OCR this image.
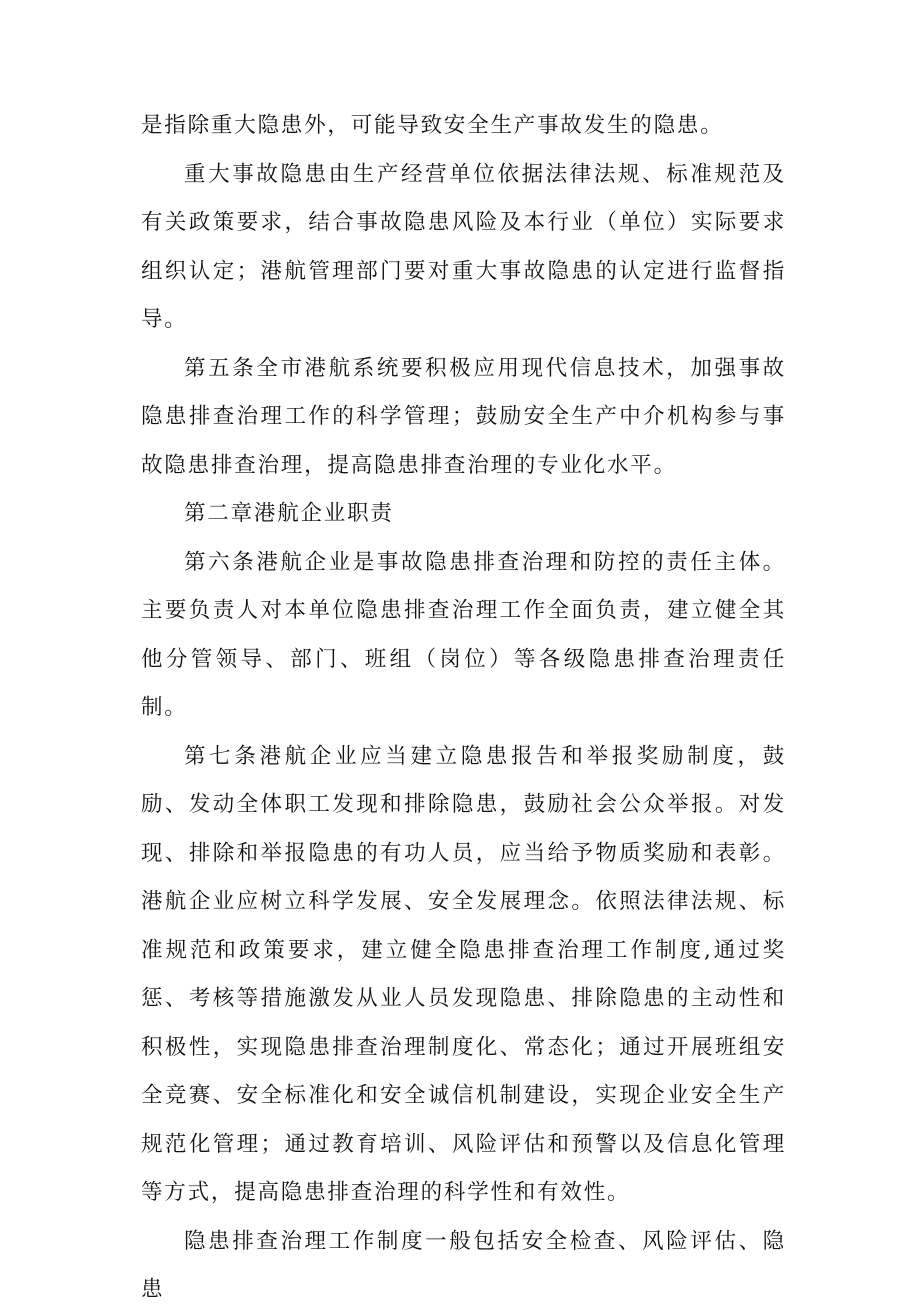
是指除重大隐患外，可能导致安全生产事故发生的隐患。

重大事故隐患由生产经营单位依据法律法规、标准规范及有关政策要求，结合事故隐患风险及本行业（单位）实际要求组织认定；港航管理部门要对重大事故隐患的认定进行监督指导。

第五条全市港航系统要积极应用现代信息技术，加强事故隐患排查治理工作的科学管理；鼓励安全生产中介机构参与事故隐患排查治理，提高隐患排查治理的专业化水平。

第二章港航企业职责

第六条港航企业是事故隐患排查治理和防控的责任主体。主要负责人对本单位隐患排查治理工作全面负责，建立健全其他分管领导、部门、班组（岗位）等各级隐患排查治理责任制。

第七条港航企业应当建立隐患报告和举报奖励制度，鼓励、发动全体职工发现和排除隐患，鼓励社会公众举报。对发现、排除和举报隐患的有功人员，应当给予物质奖励和表彰。港航企业应树立科学发展、安全发展理念。依照法律法规、标准规范和政策要求，建立健全隐患排查治理工作制度,通过奖惩、考核等措施激发从业人员发现隐患、排除隐患的主动性和积极性，实现隐患排查治理制度化、常态化；通过开展班组安全竞赛、安全标准化和安全诚信机制建设，实现企业安全生产规范化管理；通过教育培训、风险评估和预警以及信息化管理等方式，提高隐患排查治理的科学性和有效性。

隐患排查治理工作制度一般包括安全检查、风险评估、隐患
